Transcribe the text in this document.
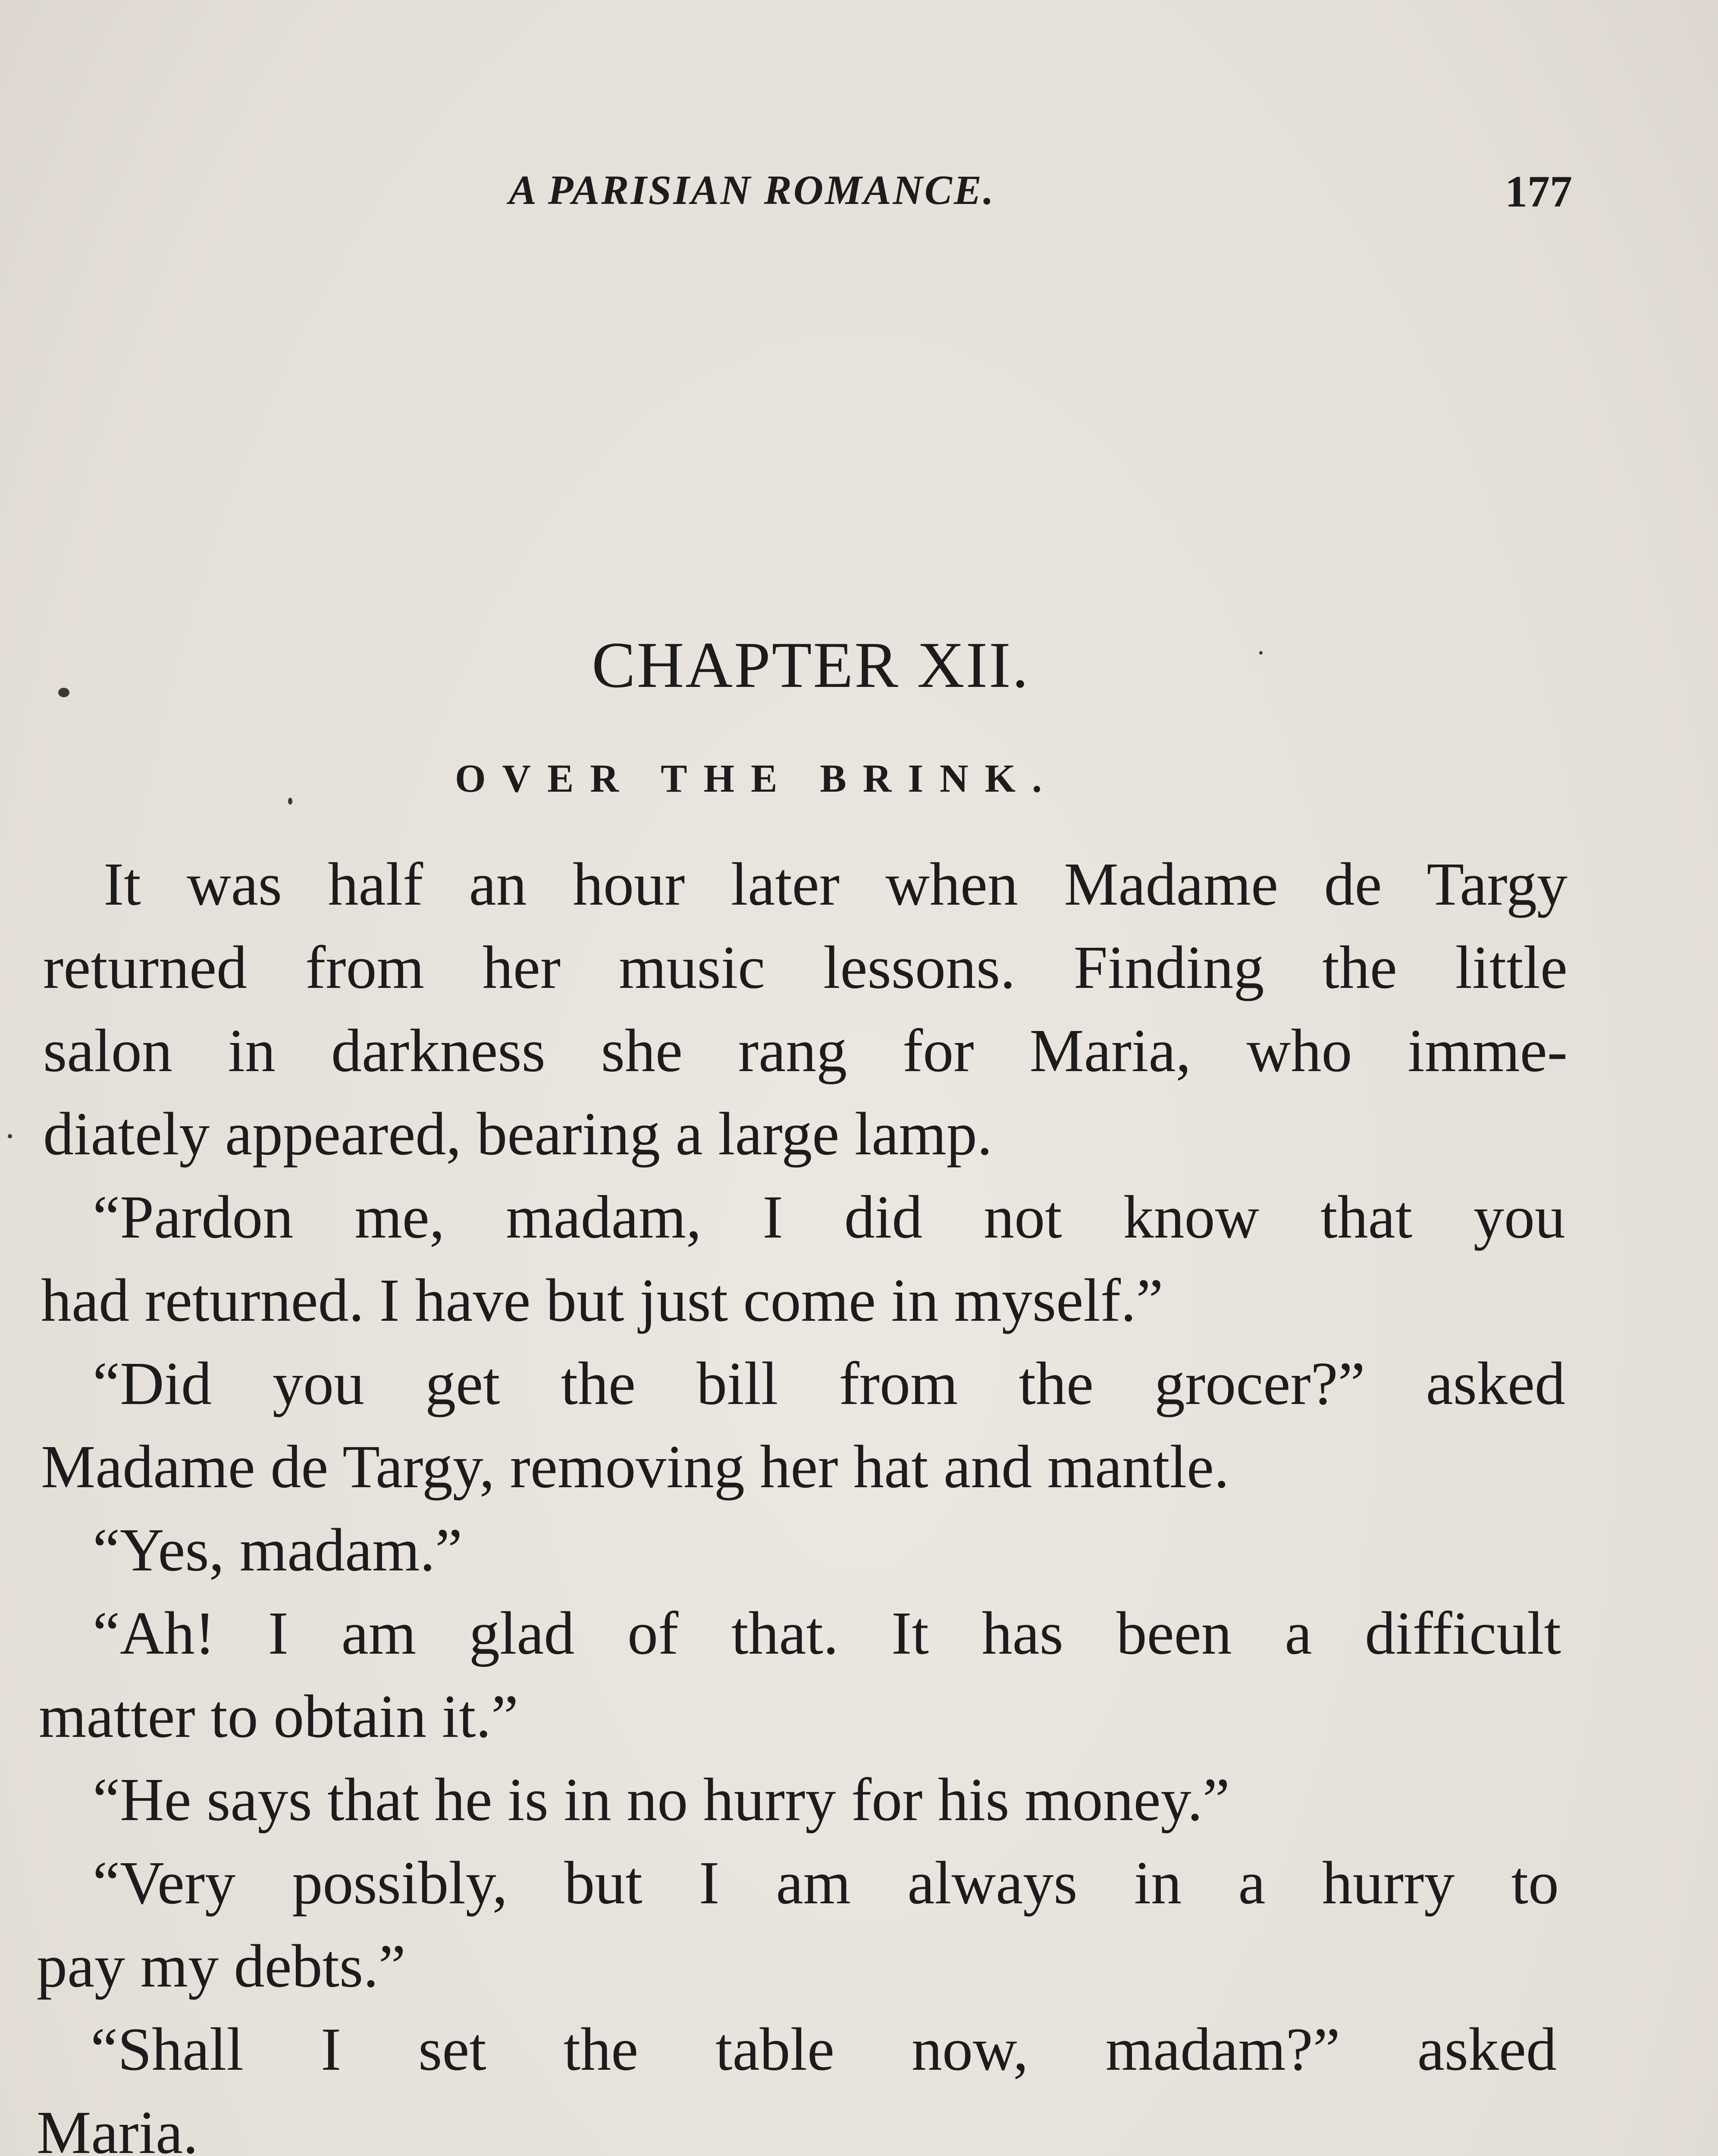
A PARISIAN ROMANCE.	177
CHAPTER XII.
OVER THE BRINK.
It was half an hour later when Madame de Targy
returned from her music lessons. Finding the little
salon in darkness she rang for Maria, who imme-
diately appeared, bearing a large lamp.
“Pardon me, madam, I did not know that you
had returned. I have but just come in myself.”
“Did you get the bill from the grocer?” asked
Madame de Targy, removing her hat and mantle.
“Yes, madam.”
“Ah! I am glad of that. It has been a difficult
matter to obtain it.”
“He says that he is in no hurry for his money.”
“Very possibly, but I am always in a hurry to
pay my debts.”
“Shall I set the table now, madam?” asked
Maria.
